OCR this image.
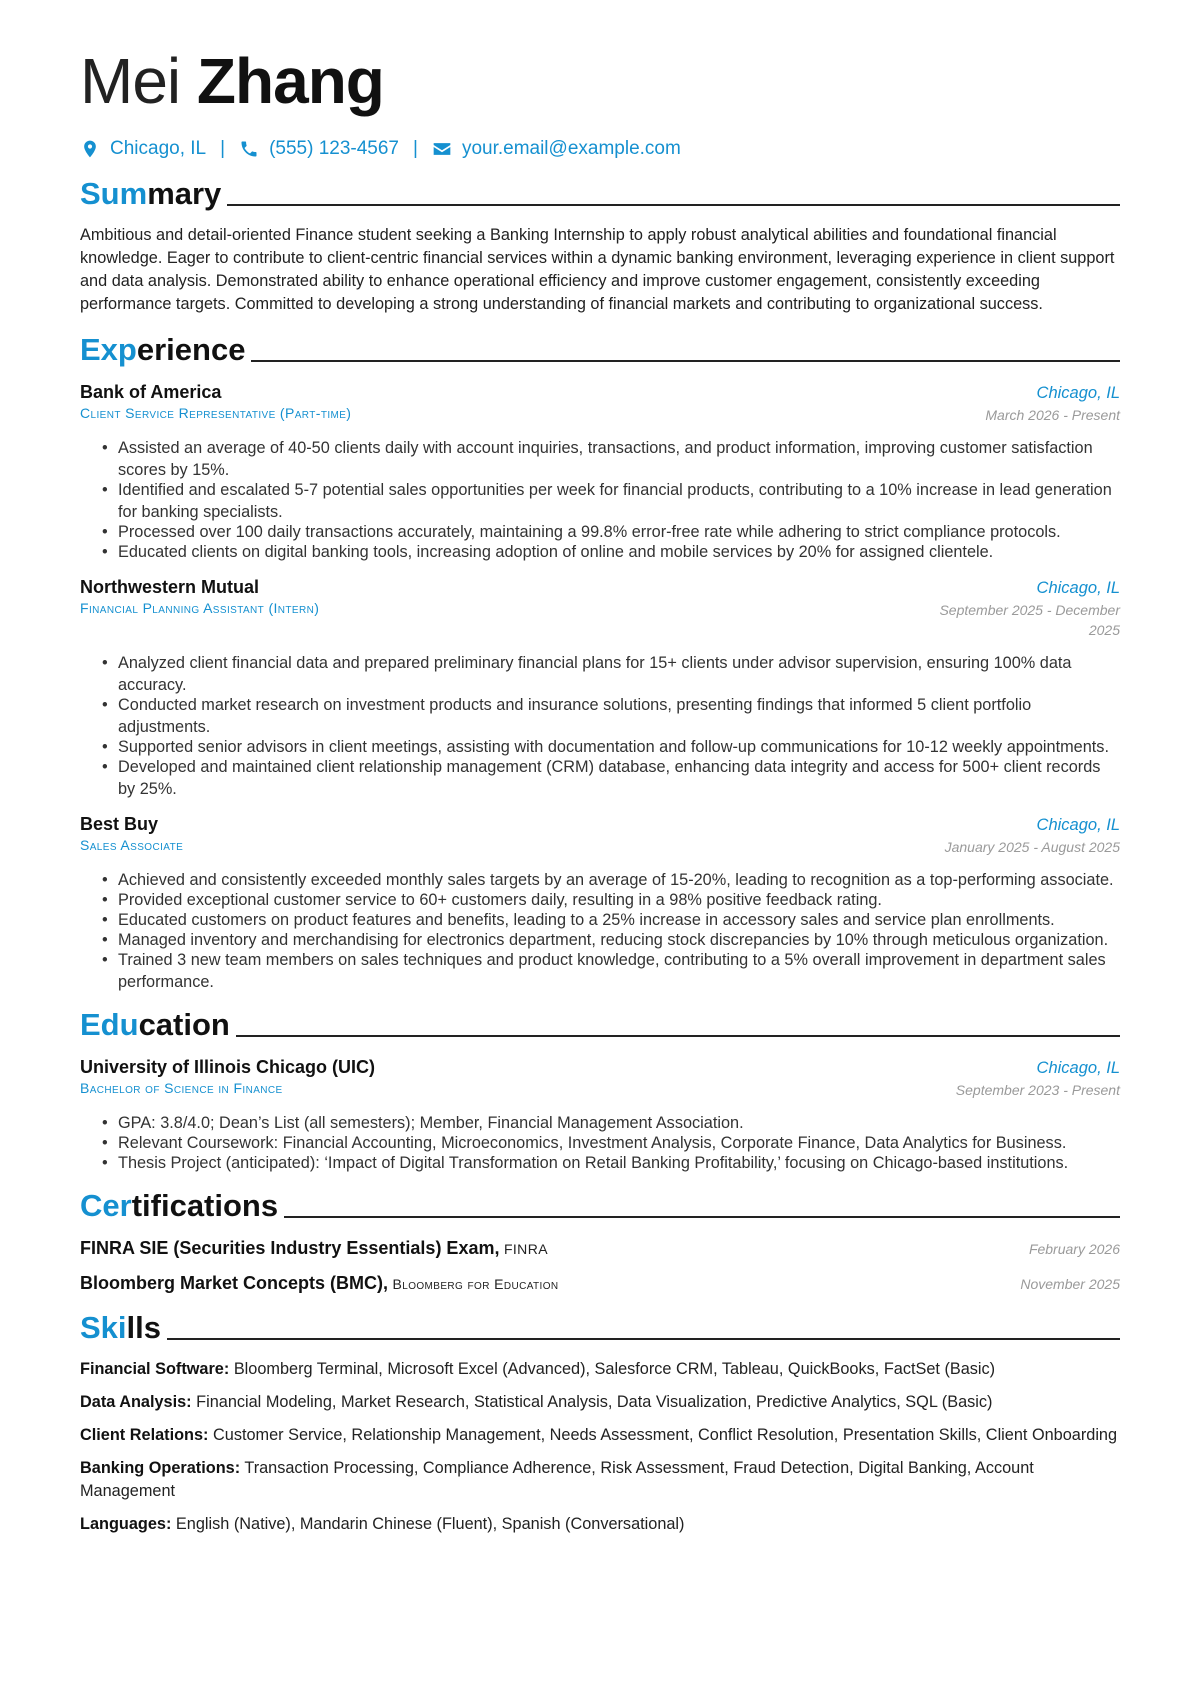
Mei Zhang
Chicago, IL | (555) 123-4567 | your.email@example.com
Summary

Ambitious and detail-oriented Finance student seeking a Banking Internship to apply robust analytical abilities and foundational financial knowledge. Eager to contribute to client-centric financial services within a dynamic banking environment, leveraging experience in client support and data analysis. Demonstrated ability to enhance operational efficiency and improve customer engagement, consistently exceeding performance targets. Committed to developing a strong understanding of financial markets and contributing to organizational success.

Experience
Bank of America	Chicago, IL
Client Service Representative (Part-time)	March 2026 - Present
• Assisted an average of 40-50 clients daily with account inquiries, transactions, and product information, improving customer satisfaction scores by 15%.
• Identified and escalated 5-7 potential sales opportunities per week for financial products, contributing to a 10% increase in lead generation for banking specialists.
• Processed over 100 daily transactions accurately, maintaining a 99.8% error-free rate while adhering to strict compliance protocols.
• Educated clients on digital banking tools, increasing adoption of online and mobile services by 20% for assigned clientele.
Northwestern Mutual	Chicago, IL
Financial Planning Assistant (Intern)	September 2025 - December 2025
• Analyzed client financial data and prepared preliminary financial plans for 15+ clients under advisor supervision, ensuring 100% data accuracy.
• Conducted market research on investment products and insurance solutions, presenting findings that informed 5 client portfolio adjustments.
• Supported senior advisors in client meetings, assisting with documentation and follow-up communications for 10-12 weekly appointments.
• Developed and maintained client relationship management (CRM) database, enhancing data integrity and access for 500+ client records by 25%.
Best Buy	Chicago, IL
Sales Associate	January 2025 - August 2025
• Achieved and consistently exceeded monthly sales targets by an average of 15-20%, leading to recognition as a top-performing associate.
• Provided exceptional customer service to 60+ customers daily, resulting in a 98% positive feedback rating.
• Educated customers on product features and benefits, leading to a 25% increase in accessory sales and service plan enrollments.
• Managed inventory and merchandising for electronics department, reducing stock discrepancies by 10% through meticulous organization.
• Trained 3 new team members on sales techniques and product knowledge, contributing to a 5% overall improvement in department sales performance.
Education
University of Illinois Chicago (UIC)	Chicago, IL
Bachelor of Science in Finance	September 2023 - Present
• GPA: 3.8/4.0; Dean’s List (all semesters); Member, Financial Management Association.
• Relevant Coursework: Financial Accounting, Microeconomics, Investment Analysis, Corporate Finance, Data Analytics for Business.
• Thesis Project (anticipated): ‘Impact of Digital Transformation on Retail Banking Profitability,’ focusing on Chicago-based institutions.
Certifications
FINRA SIE (Securities Industry Essentials) Exam, FINRA	February 2026
Bloomberg Market Concepts (BMC), Bloomberg for Education	November 2025
Skills
Financial Software: Bloomberg Terminal, Microsoft Excel (Advanced), Salesforce CRM, Tableau, QuickBooks, FactSet (Basic)
Data Analysis: Financial Modeling, Market Research, Statistical Analysis, Data Visualization, Predictive Analytics, SQL (Basic)
Client Relations: Customer Service, Relationship Management, Needs Assessment, Conflict Resolution, Presentation Skills, Client Onboarding
Banking Operations: Transaction Processing, Compliance Adherence, Risk Assessment, Fraud Detection, Digital Banking, Account Management
Languages: English (Native), Mandarin Chinese (Fluent), Spanish (Conversational)
